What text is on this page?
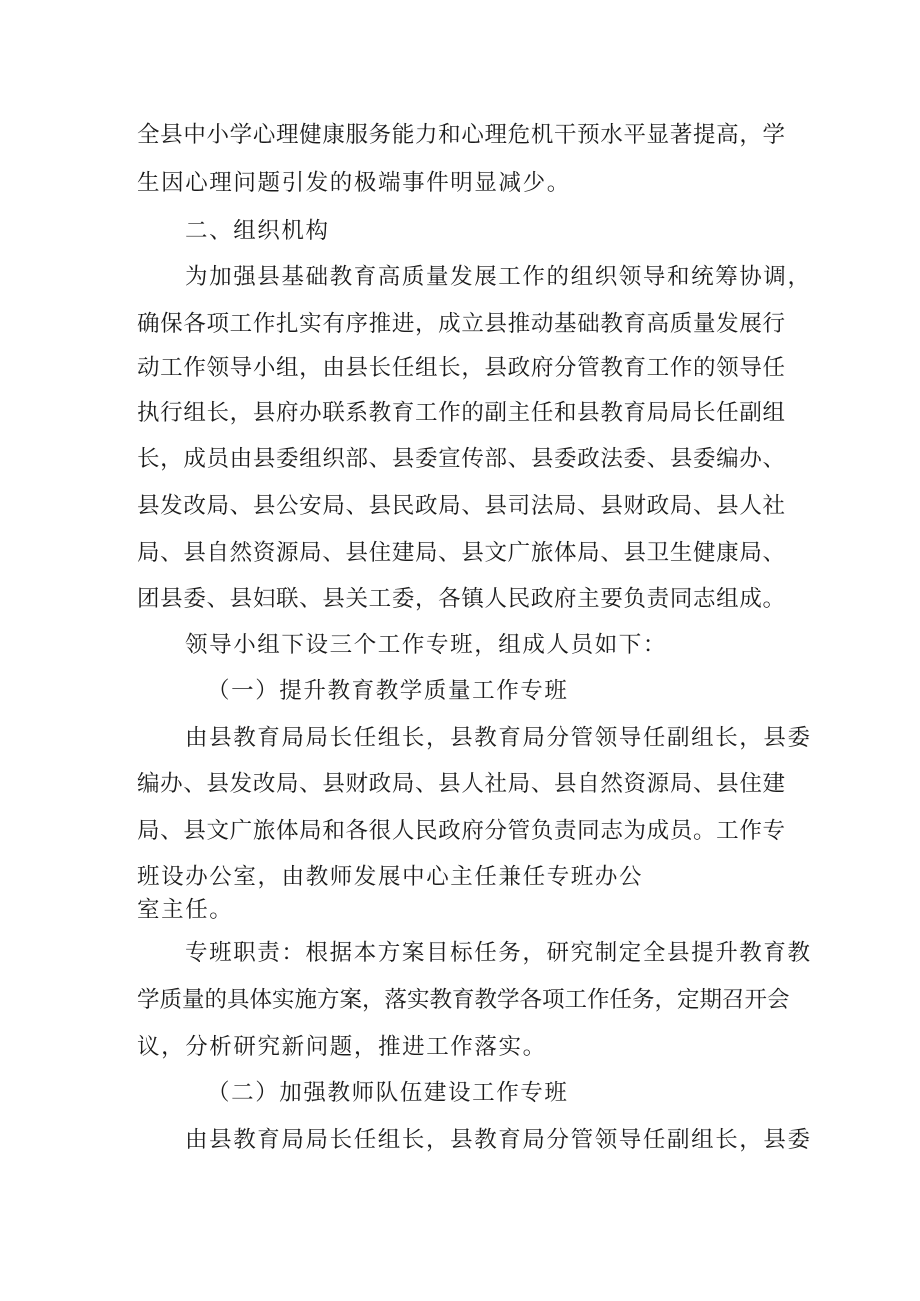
全县中小学心理健康服务能力和心理危机干预水平显著提高，学
生因心理问题引发的极端事件明显减少。
二、组织机构
为加强县基础教育高质量发展工作的组织领导和统筹协调，
确保各项工作扎实有序推进，成立县推动基础教育高质量发展行
动工作领导小组，由县长任组长，县政府分管教育工作的领导任
执行组长，县府办联系教育工作的副主任和县教育局局长任副组
长，成员由县委组织部、县委宣传部、县委政法委、县委编办、
县发改局、县公安局、县民政局、县司法局、县财政局、县人社
局、县自然资源局、县住建局、县文广旅体局、县卫生健康局、
团县委、县妇联、县关工委，各镇人民政府主要负责同志组成。
领导小组下设三个工作专班，组成人员如下：
（一）提升教育教学质量工作专班
由县教育局局长任组长，县教育局分管领导任副组长，县委
编办、县发改局、县财政局、县人社局、县自然资源局、县住建
局、县文广旅体局和各很人民政府分管负责同志为成员。工作专
班设办公室，由教师发展中心主任兼任专班办公
室主任。
专班职责：根据本方案目标任务，研究制定全县提升教育教
学质量的具体实施方案，落实教育教学各项工作任务，定期召开会
议，分析研究新问题，推进工作落实。
（二）加强教师队伍建设工作专班
由县教育局局长任组长，县教育局分管领导任副组长，县委
